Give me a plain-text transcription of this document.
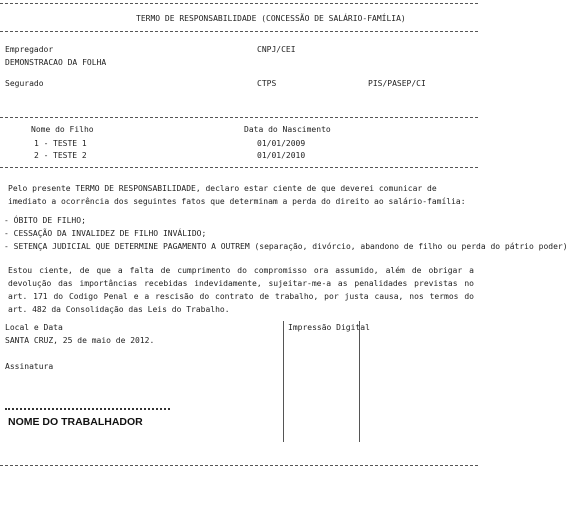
TERMO DE RESPONSABILIDADE (CONCESSÃO DE SALÁRIO-FAMÍLIA)
Empregador
DEMONSTRACAO DA FOLHA
CNPJ/CEI
Segurado	CTPS	PIS/PASEP/CI
Nome do Filho	Data do Nascimento
1 - TESTE 1	01/01/2009
2 - TESTE 2	01/01/2010
Pelo presente TERMO DE RESPONSABILIDADE, declaro estar ciente de que deverei comunicar de imediato a ocorrência dos seguintes fatos que determinam a perda do direito ao salário-família:
- ÓBITO DE FILHO;
- CESSAÇÃO DA INVALIDEZ DE FILHO INVÁLIDO;
- SETENÇA JUDICIAL QUE DETERMINE PAGAMENTO A OUTREM (separação, divórcio, abandono de filho ou perda do pátrio poder)
Estou ciente, de que a falta de cumprimento do compromisso ora assumido, além de obrigar a devolução das importâncias recebidas indevidamente, sujeitar-me-a as penalidades previstas no art. 171 do Codigo Penal e a rescisão do contrato de trabalho, por justa causa, nos termos do art. 482 da Consolidação das Leis do Trabalho.
Local e Data
SANTA CRUZ, 25 de maio de 2012.
Assinatura
NOME DO TRABALHADOR
Impressão Digital
